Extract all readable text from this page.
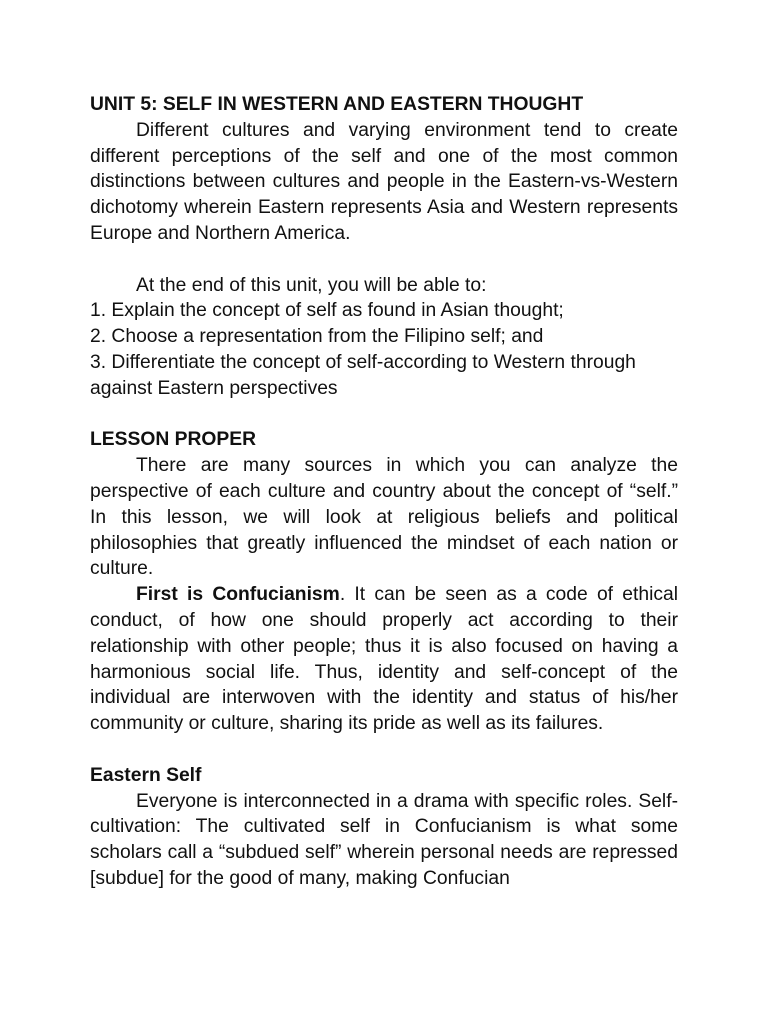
UNIT 5: SELF IN WESTERN AND EASTERN THOUGHT

Different cultures and varying environment tend to create different perceptions of the self and one of the most common distinctions between cultures and people in the Eastern-vs-Western dichotomy wherein Eastern represents Asia and Western represents Europe and Northern America.

At the end of this unit, you will be able to:

1. Explain the concept of self as found in Asian thought;
2. Choose a representation from the Filipino self; and
3. Differentiate the concept of self-according to Western through against Eastern perspectives

LESSON PROPER

There are many sources in which you can analyze the perspective of each culture and country about the concept of “self.” In this lesson, we will look at religious beliefs and political philosophies that greatly influenced the mindset of each nation or culture.

First is Confucianism. It can be seen as a code of ethical conduct, of how one should properly act according to their relationship with other people; thus it is also focused on having a harmonious social life. Thus, identity and self-concept of the individual are interwoven with the identity and status of his/her community or culture, sharing its pride as well as its failures.

Eastern Self

Everyone is interconnected in a drama with specific roles. Self-cultivation: The cultivated self in Confucianism is what some scholars call a “subdued self” wherein personal needs are repressed [subdue] for the good of many, making Confucian
